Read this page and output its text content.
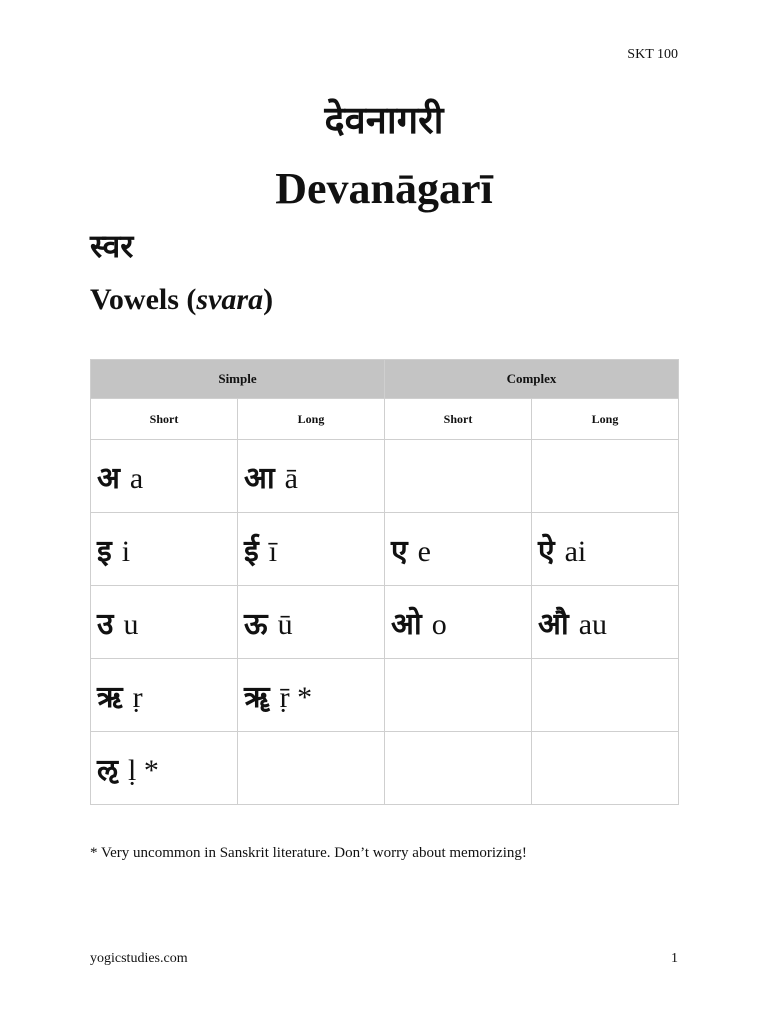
SKT 100
देवनागरी
Devanāgarī
स्वर
Vowels (svara)
Simple		Complex	
Short	Long	Short	Long

अ a	आ ā		

इ i	ई ī	ए e	ऐ ai

उ u	ऊ ū	ओ o	औ au

ऋ ṛ	ॠ ṝ *		

ऌ ḷ *			

* Very uncommon in Sanskrit literature. Don’t worry about memorizing!
yogicstudies.com	1
